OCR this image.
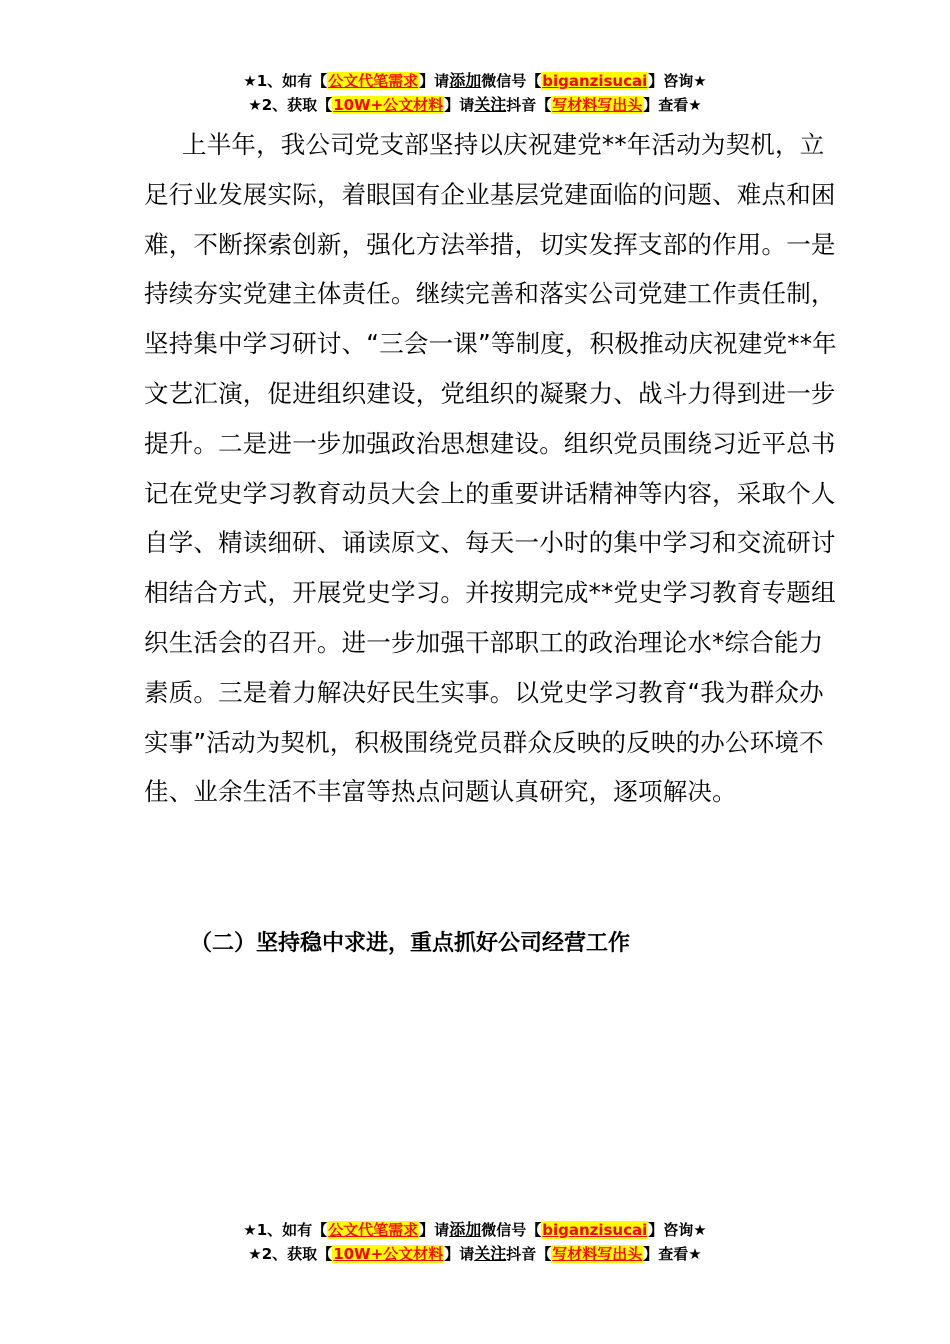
★1、如有【公文代笔需求】请添加微信号【biganzisucai】咨询★
★2、获取【10W+公文材料】请关注抖音【写材料写出头】查看★
上半年，我公司党支部坚持以庆祝建党**年活动为契机，立足行业发展实际，着眼国有企业基层党建面临的问题、难点和困难，不断探索创新，强化方法举措，切实发挥支部的作用。一是持续夯实党建主体责任。继续完善和落实公司党建工作责任制，坚持集中学习研讨、“三会一课”等制度，积极推动庆祝建党**年文艺汇演，促进组织建设，党组织的凝聚力、战斗力得到进一步提升。二是进一步加强政治思想建设。组织党员围绕习近平总书记在党史学习教育动员大会上的重要讲话精神等内容，采取个人自学、精读细研、诵读原文、每天一小时的集中学习和交流研讨相结合方式，开展党史学习。并按期完成**党史学习教育专题组织生活会的召开。进一步加强干部职工的政治理论水*综合能力素质。三是着力解决好民生实事。以党史学习教育“我为群众办实事”活动为契机，积极围绕党员群众反映的反映的办公环境不佳、业余生活不丰富等热点问题认真研究，逐项解决。
（二）坚持稳中求进，重点抓好公司经营工作
★1、如有【公文代笔需求】请添加微信号【biganzisucai】咨询★
★2、获取【10W+公文材料】请关注抖音【写材料写出头】查看★
